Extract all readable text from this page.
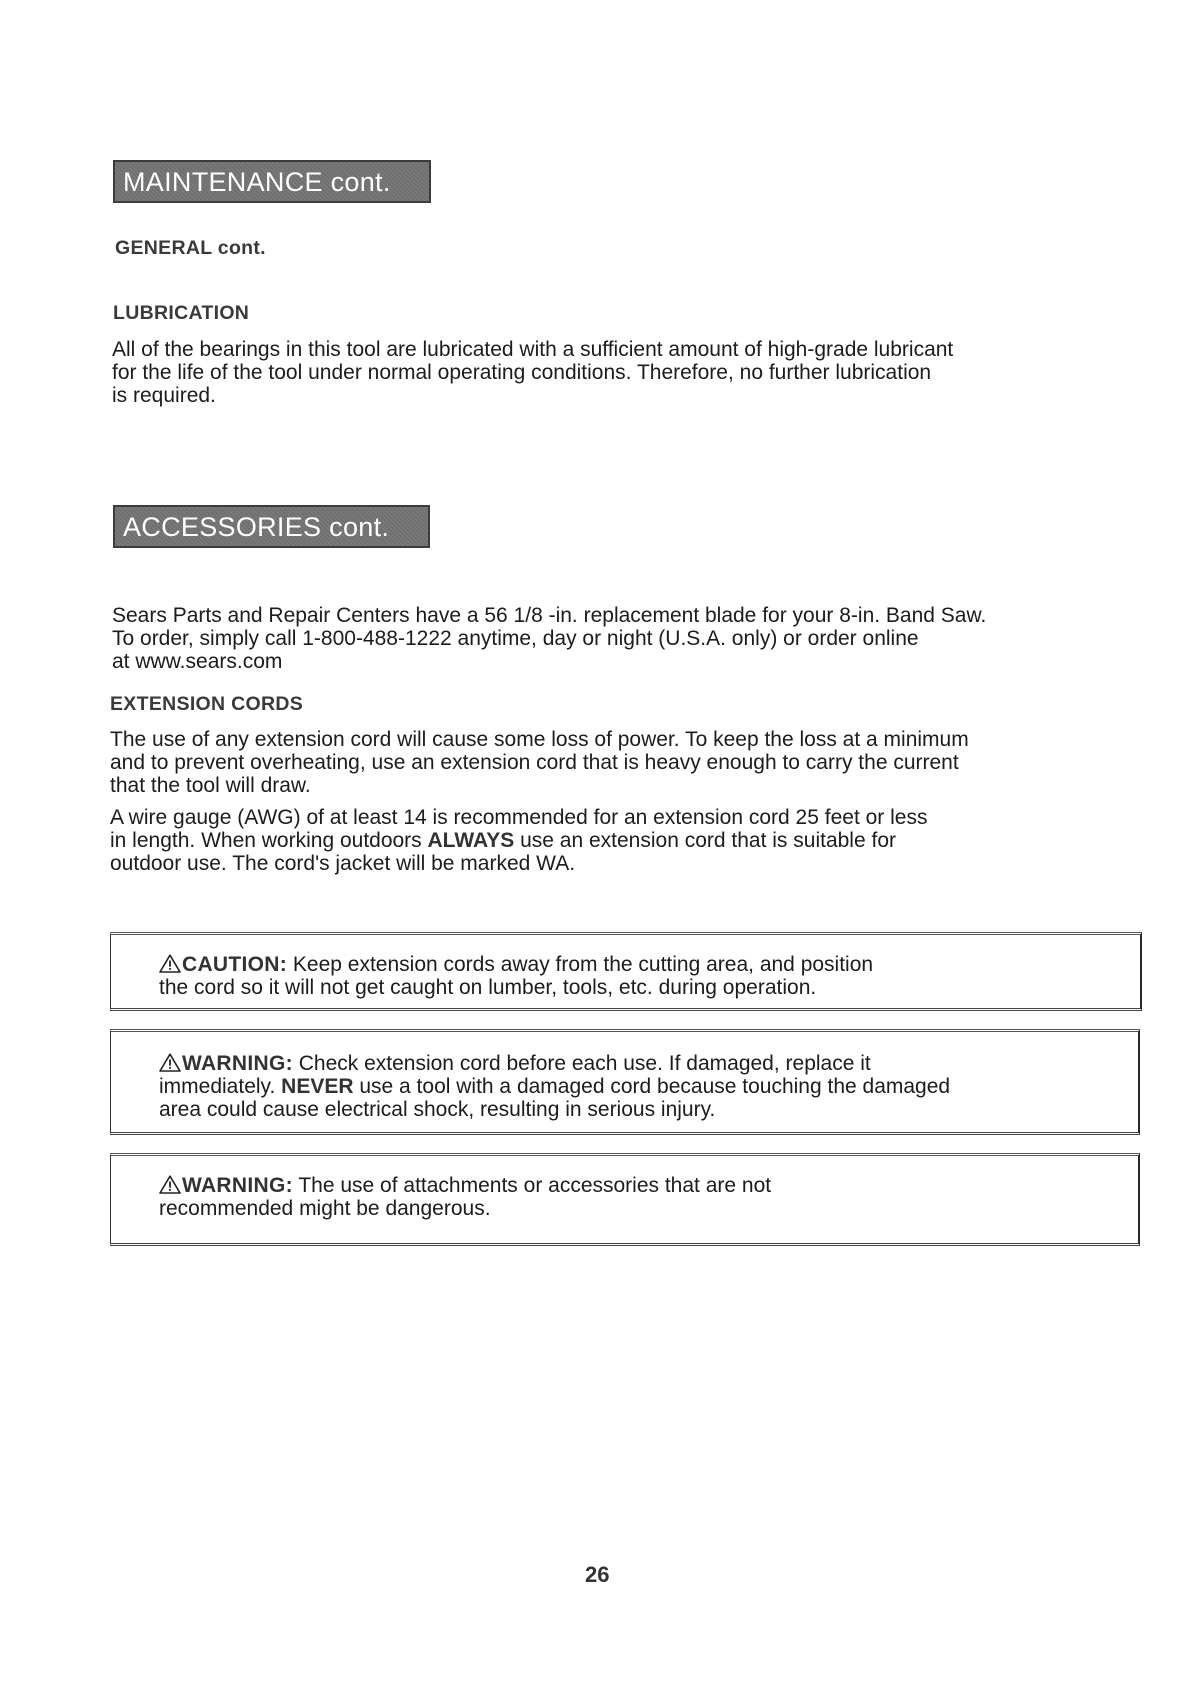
MAINTENANCE cont.
GENERAL cont.
LUBRICATION
All of the bearings in this tool are lubricated with a sufficient amount of high-grade lubricant
for the life of the tool under normal operating conditions. Therefore, no further lubrication
is required.
ACCESSORIES cont.
Sears Parts and Repair Centers have a 56 1/8 -in. replacement blade for your 8-in. Band Saw.
To order, simply call 1-800-488-1222 anytime, day or night (U.S.A. only) or order online
at www.sears.com
EXTENSION CORDS
The use of any extension cord will cause some loss of power. To keep the loss at a minimum
and to prevent overheating, use an extension cord that is heavy enough to carry the current
that the tool will draw.
A wire gauge (AWG) of at least 14 is recommended for an extension cord 25 feet or less
in length. When working outdoors ALWAYS use an extension cord that is suitable for
outdoor use. The cord's jacket will be marked WA.
CAUTION: Keep extension cords away from the cutting area, and position
the cord so it will not get caught on lumber, tools, etc. during operation.
WARNING: Check extension cord before each use. If damaged, replace it
immediately. NEVER use a tool with a damaged cord because touching the damaged
area could cause electrical shock, resulting in serious injury.
WARNING: The use of attachments or accessories that are not
recommended might be dangerous.
26
